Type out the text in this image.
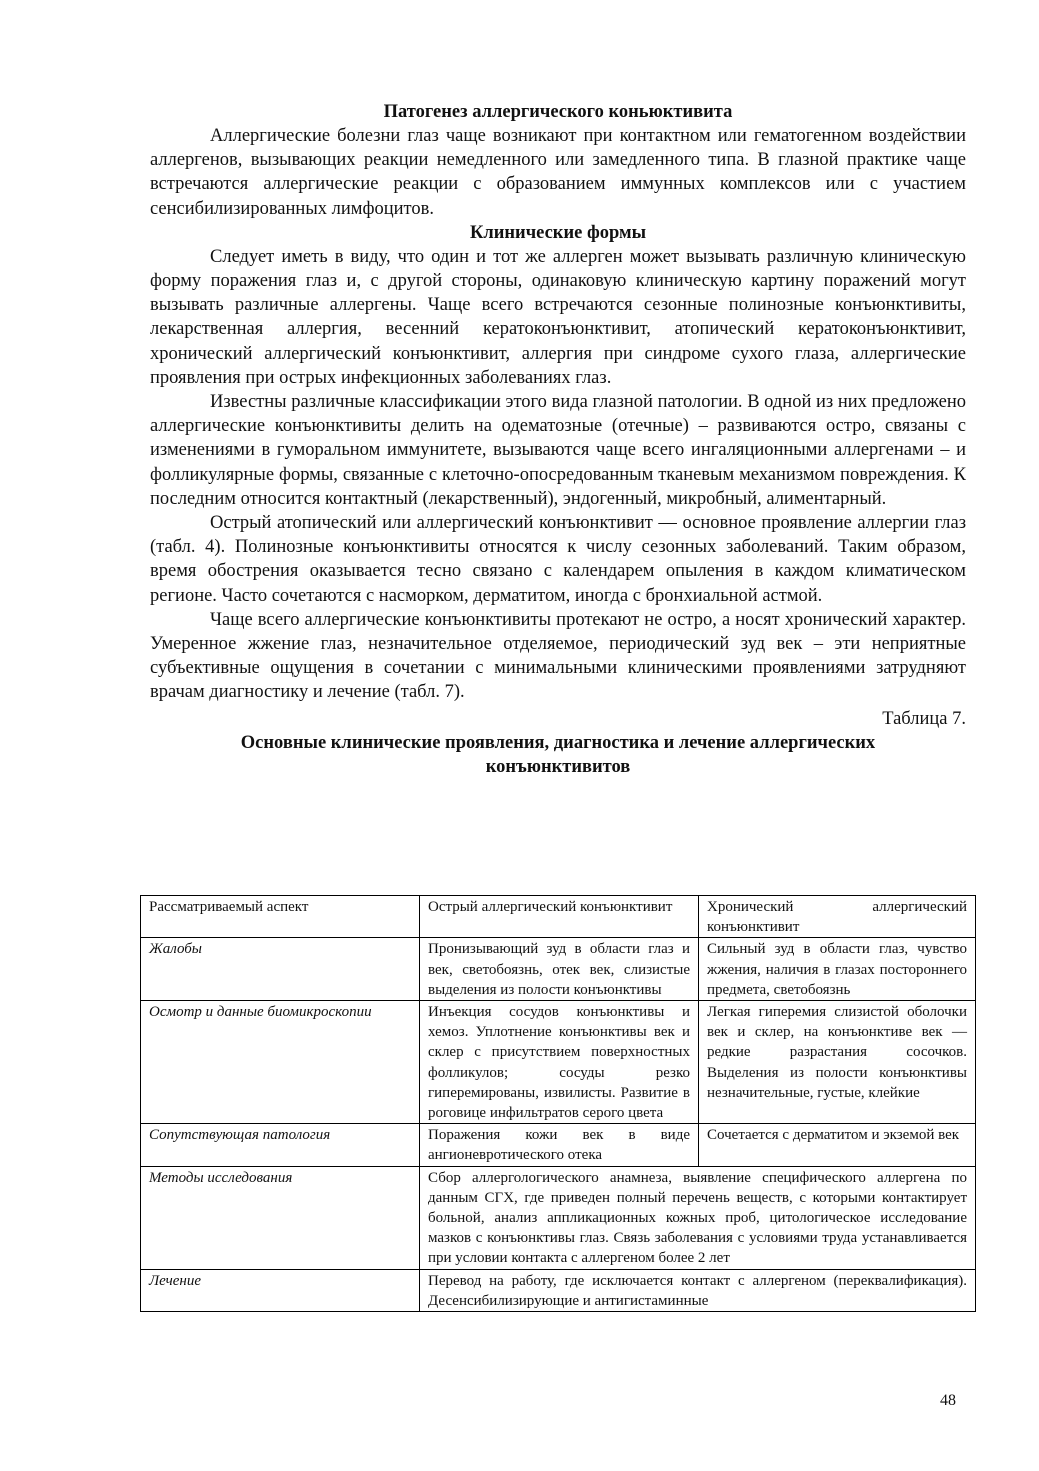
Патогенез аллергического коньюктивита

Аллергические болезни глаз чаще возникают при контактном или гематогенном воздействии аллергенов, вызывающих реакции немедленного или замедленного типа. В глазной практике чаще встречаются аллергические реакции с образованием иммунных комплексов или с участием сенсибилизированных лимфоцитов.

Клинические формы

Следует иметь в виду, что один и тот же аллерген может вызывать различную клиническую форму поражения глаз и, с другой стороны, одинаковую клиническую картину поражений могут вызывать различные аллергены. Чаще всего встречаются сезонные полинозные конъюнктивиты, лекарственная аллергия, весенний кератоконъюнктивит, атопический кератоконъюнктивит, хронический аллергический конъюнктивит, аллергия при синдроме сухого глаза, аллергические проявления при острых инфекционных заболеваниях глаз.

Известны различные классификации этого вида глазной патологии. В одной из них предложено аллергические конъюнктивиты делить на одематозные (отечные) – развиваются остро, связаны с изменениями в гуморальном иммунитете, вызываются чаще всего ингаляционными аллергенами – и фолликулярные формы, связанные с клеточно-опосредованным тканевым механизмом повреждения. К последним относится контактный (лекарственный), эндогенный, микробный, алиментарный.

Острый атопический или аллергический конъюнктивит — основное проявление аллергии глаз (табл. 4). Полинозные конъюнктивиты относятся к числу сезонных заболеваний. Таким образом, время обострения оказывается тесно связано с календарем опыления в каждом климатическом регионе. Часто сочетаются с насморком, дерматитом, иногда с бронхиальной астмой.

Чаще всего аллергические конъюнктивиты протекают не остро, а носят хронический характер. Умеренное жжение глаз, незначительное отделяемое, периодический зуд век – эти неприятные субъективные ощущения в сочетании с минимальными клиническими проявлениями затрудняют врачам диагностику и лечение (табл. 7).

Таблица 7.
Основные клинические проявления, диагностика и лечение аллергических конъюнктивитов
Рассматриваемый аспект	Острый аллергический конъюнктивит	Хронический аллергический конъюнктивит
Жалобы	Пронизывающий зуд в области глаз и век, светобоязнь, отек век, слизистые выделения из полости конъюнктивы	Сильный зуд в области глаз, чувство жжения, наличия в глазах постороннего предмета, светобоязнь
Осмотр и данные биомикроскопии	Инъекция сосудов конъюнктивы и хемоз. Уплотнение конъюнктивы век и склер с присутствием поверхностных фолликулов; сосуды резко гиперемированы, извилисты. Развитие в роговице инфильтратов серого цвета	Легкая гиперемия слизистой оболочки век и склер, на конъюнктиве век — редкие разрастания сосочков. Выделения из полости конъюнктивы незначительные, густые, клейкие
Сопутствующая патология	Поражения кожи век в виде ангионевротического отека	Сочетается с дерматитом и экземой век
Методы исследования	Сбор аллергологического анамнеза, выявление специфического аллергена по данным СГХ, где приведен полный перечень веществ, с которыми контактирует больной, анализ аппликационных кожных проб, цитологическое исследование мазков с конъюнктивы глаз. Связь заболевания с условиями труда устанавливается при условии контакта с аллергеном более 2 лет	
Лечение	Перевод на работу, где исключается контакт с аллергеном (переквалификация). Десенсибилизирующие и антигистаминные	
48
